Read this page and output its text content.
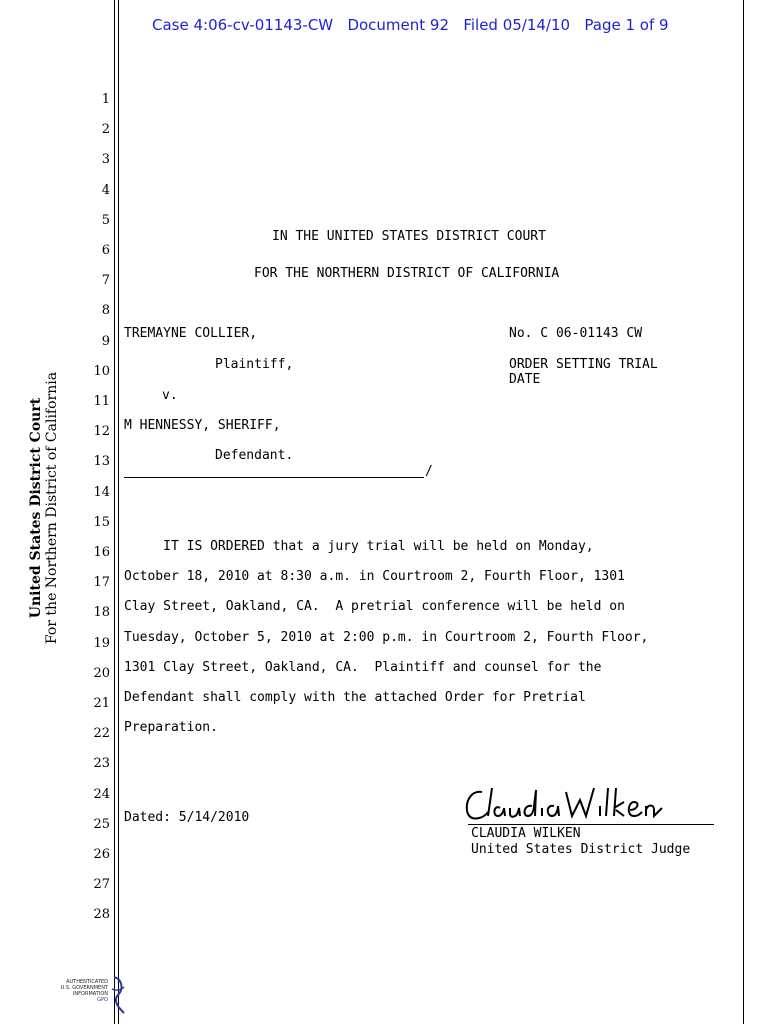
Case 4:06-cv-01143-CW   Document 92   Filed 05/14/10   Page 1 of 9
United States District Court For the Northern District of California
1
2
3
4
5
6
7
8
9
10
11
12
13
14
15
16
17
18
19
20
21
22
23
24
25
26
27
28
IN THE UNITED STATES DISTRICT COURT
FOR THE NORTHERN DISTRICT OF CALIFORNIA
TREMAYNE COLLIER,
Plaintiff,
v.
M HENNESSY, SHERIFF,
Defendant.
/
No. C 06-01143 CW
ORDER SETTING TRIAL
DATE
IT IS ORDERED that a jury trial will be held on Monday,
October 18, 2010 at 8:30 a.m. in Courtroom 2, Fourth Floor, 1301
Clay Street, Oakland, CA.  A pretrial conference will be held on
Tuesday, October 5, 2010 at 2:00 p.m. in Courtroom 2, Fourth Floor,
1301 Clay Street, Oakland, CA.  Plaintiff and counsel for the
Defendant shall comply with the attached Order for Pretrial
Preparation.
Dated: 5/14/2010
CLAUDIA WILKEN
United States District Judge
AUTHENTICATED
U.S. GOVERNMENT
INFORMATION
GPO
